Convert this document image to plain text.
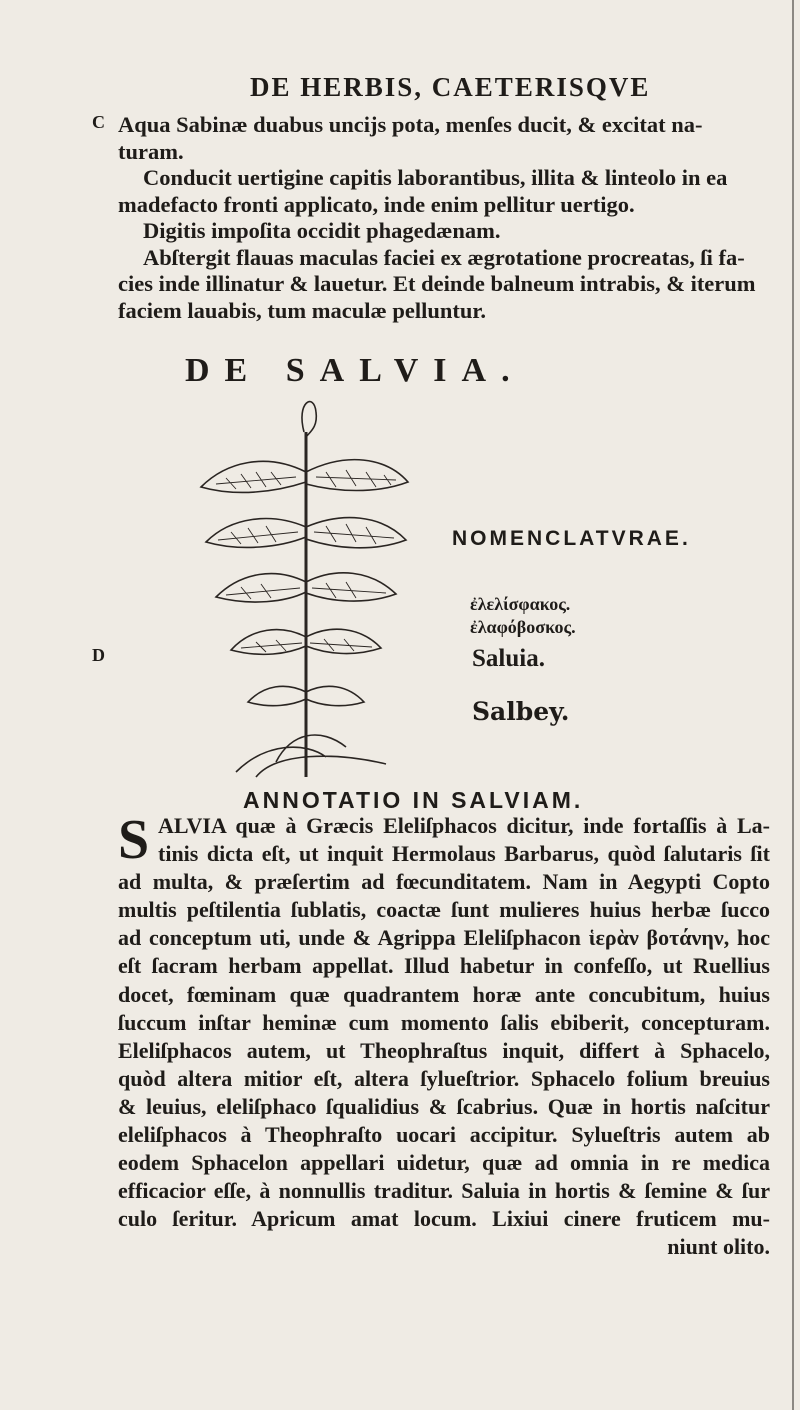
DE HERBIS, CAETERISQVE
C
D

Aqua Sabinæ duabus uncijs pota, menſes ducit, & excitat na-

turam.

Conducit uertigine capitis laborantibus, illita & linteolo in ea

madefacto fronti applicato, inde enim pellitur uertigo.

Digitis impoſita occidit phagedænam.

Abſtergit flauas maculas faciei ex ægrotatione procreatas, ſi fa-

cies inde illinatur & lauetur. Et deinde balneum intrabis, & iterum

faciem lauabis, tum maculæ pelluntur.

DE SALVIA.
NOMENCLATVRAE.
ἐλελίσφακος.
ἐλαφόβοσκος.
Saluia.
Salbey.
ANNOTATIO IN SALVIAM.
S ALVIA quæ à Græcis Eleliſphacos dicitur, inde fortaſſis à La-
tinis dicta eſt, ut inquit Hermolaus Barbarus, quòd ſalutaris ſit
ad multa, & præſertim ad fœcunditatem. Nam in Aegypti Copto
multis peſtilentia ſublatis, coactæ ſunt mulieres huius herbæ ſucco
ad conceptum uti, unde & Agrippa Eleliſphacon ἱερὰν βοτάνην, hoc
eſt ſacram herbam appellat. Illud habetur in confeſſo, ut Ruellius
docet, fœminam quæ quadrantem horæ ante concubitum, huius
ſuccum inſtar heminæ cum momento ſalis ebiberit, concepturam.
Eleliſphacos autem, ut Theophraſtus inquit, differt à Sphacelo,
quòd altera mitior eſt, altera ſylueſtrior. Sphacelo folium breuius
& leuius, eleliſphaco ſqualidius & ſcabrius. Quæ in hortis naſcitur
eleliſphacos à Theophraſto uocari accipitur. Sylueſtris autem ab
eodem Sphacelon appellari uidetur, quæ ad omnia in re medica
efficacior eſſe, à nonnullis traditur. Saluia in hortis & ſemine & ſur
culo ſeritur. Apricum amat locum. Lixiui cinere fruticem mu-
niunt olito.
